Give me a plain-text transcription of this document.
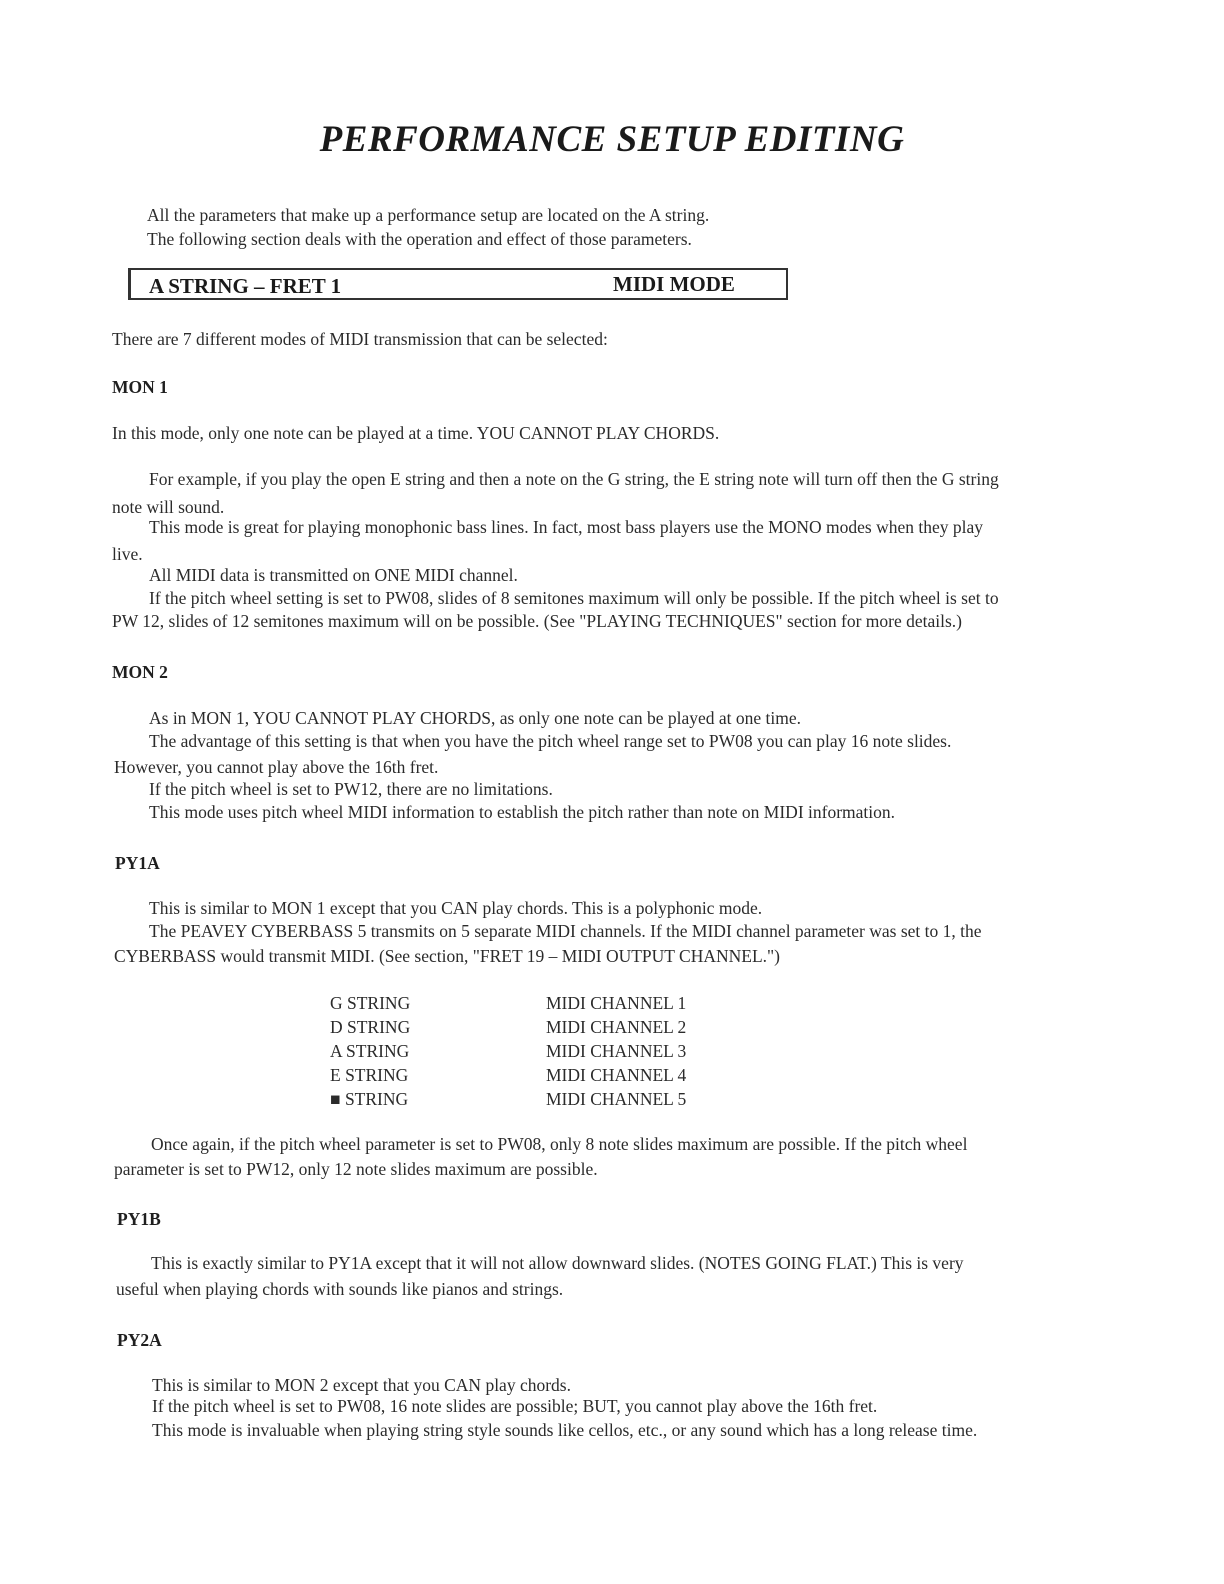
PERFORMANCE SETUP EDITING
All the parameters that make up a performance setup are located on the A string.
The following section deals with the operation and effect of those parameters.
A STRING – FRET 1	MIDI MODE
There are 7 different modes of MIDI transmission that can be selected:
MON 1
In this mode, only one note can be played at a time. YOU CANNOT PLAY CHORDS.
For example, if you play the open E string and then a note on the G string, the E string note will turn off then the G string
note will sound.
This mode is great for playing monophonic bass lines. In fact, most bass players use the MONO modes when they play
live.
All MIDI data is transmitted on ONE MIDI channel.
If the pitch wheel setting is set to PW08, slides of 8 semitones maximum will only be possible. If the pitch wheel is set to
PW 12, slides of 12 semitones maximum will on be possible. (See "PLAYING TECHNIQUES" section for more details.)
MON 2
As in MON 1, YOU CANNOT PLAY CHORDS, as only one note can be played at one time.
The advantage of this setting is that when you have the pitch wheel range set to PW08 you can play 16 note slides.
However, you cannot play above the 16th fret.
If the pitch wheel is set to PW12, there are no limitations.
This mode uses pitch wheel MIDI information to establish the pitch rather than note on MIDI information.
PY1A
This is similar to MON 1 except that you CAN play chords. This is a polyphonic mode.
The PEAVEY CYBERBASS 5 transmits on 5 separate MIDI channels. If the MIDI channel parameter was set to 1, the
CYBERBASS would transmit MIDI. (See section, "FRET 19 – MIDI OUTPUT CHANNEL.")
G STRING	MIDI CHANNEL 1
D STRING	MIDI CHANNEL 2
A STRING	MIDI CHANNEL 3
E STRING	MIDI CHANNEL 4
■ STRING	MIDI CHANNEL 5
Once again, if the pitch wheel parameter is set to PW08, only 8 note slides maximum are possible. If the pitch wheel
parameter is set to PW12, only 12 note slides maximum are possible.
PY1B
This is exactly similar to PY1A except that it will not allow downward slides. (NOTES GOING FLAT.) This is very
useful when playing chords with sounds like pianos and strings.
PY2A
This is similar to MON 2 except that you CAN play chords.
If the pitch wheel is set to PW08, 16 note slides are possible; BUT, you cannot play above the 16th fret.
This mode is invaluable when playing string style sounds like cellos, etc., or any sound which has a long release time.
